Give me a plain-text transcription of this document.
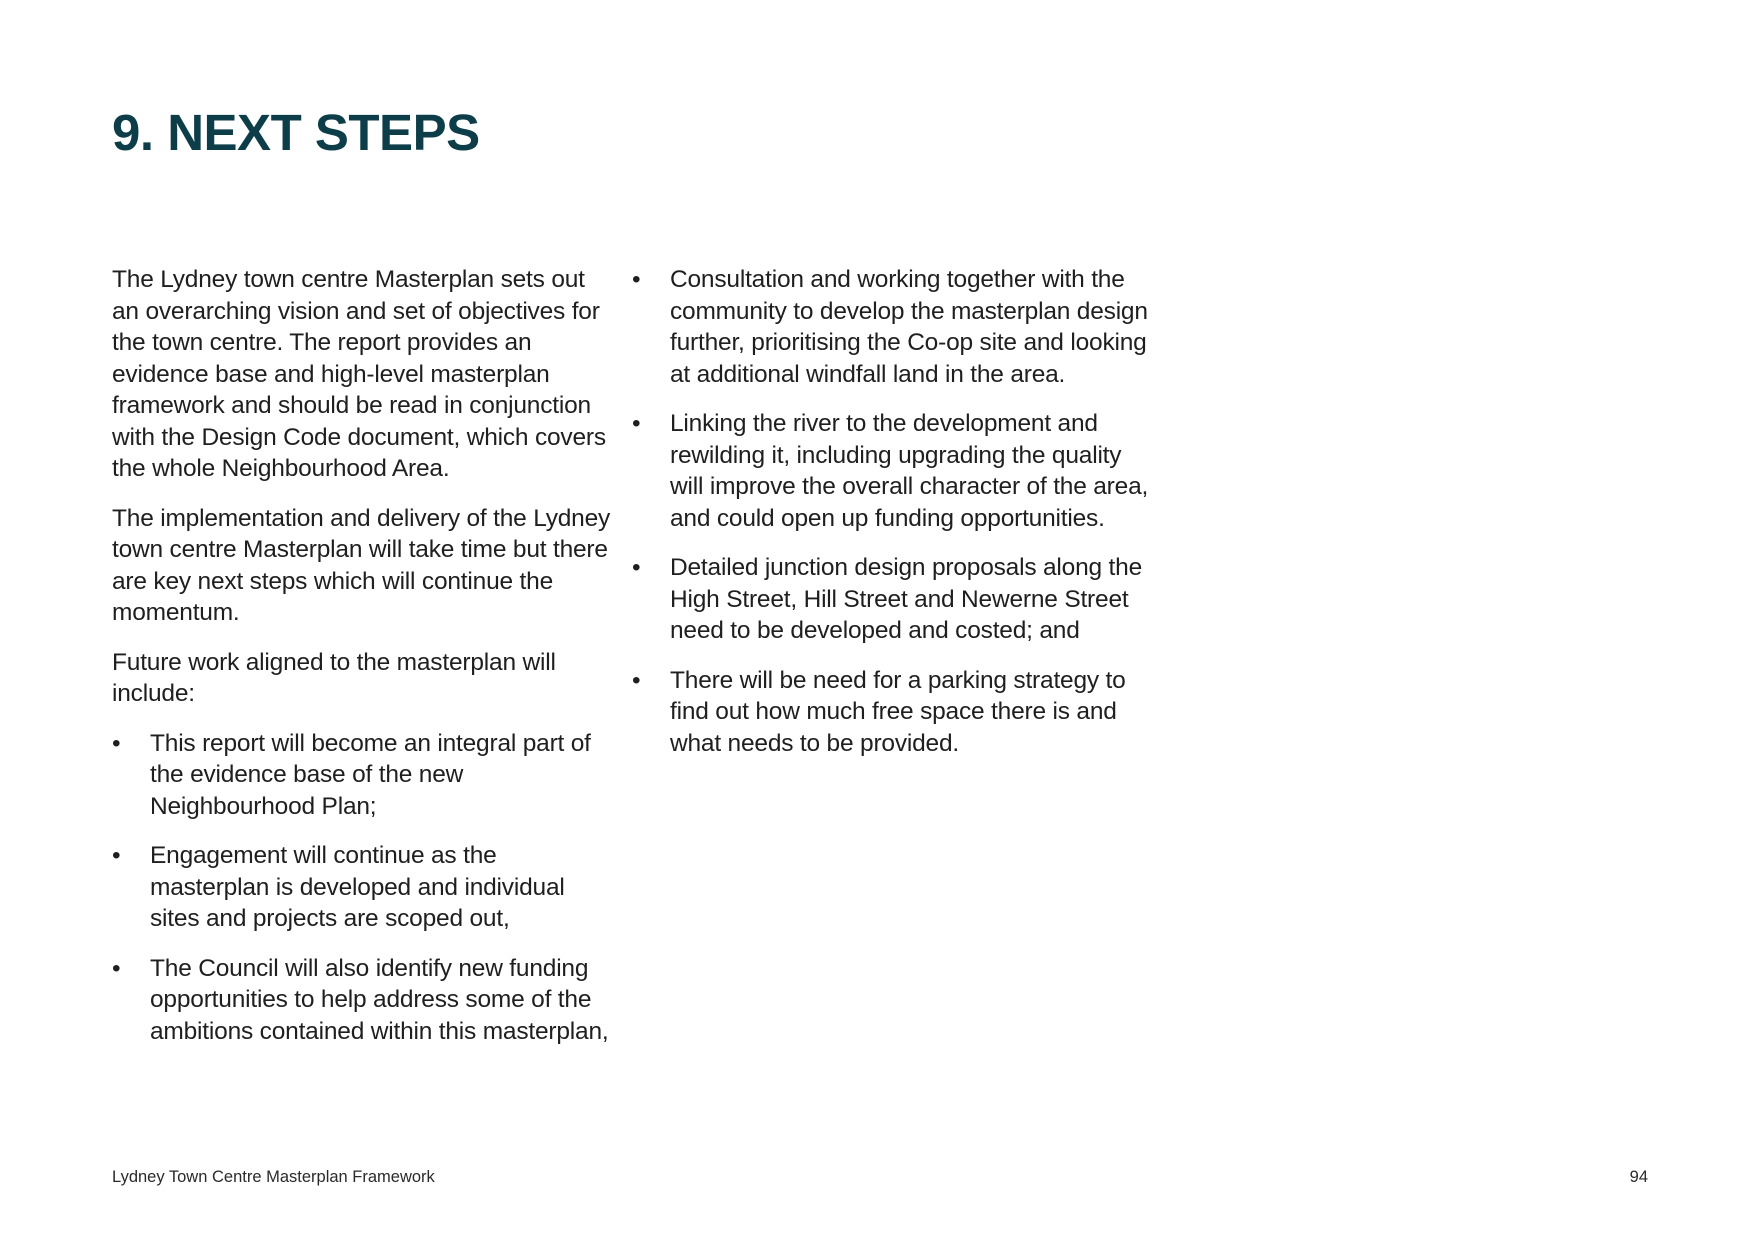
9. NEXT STEPS

The Lydney town centre Masterplan sets out an overarching vision and set of objectives for the town centre. The report provides an evidence base and high-level masterplan framework and should be read in conjunction with the Design Code document, which covers the whole Neighbourhood Area.

The implementation and delivery of the Lydney town centre Masterplan will take time but there are key next steps which will continue the momentum.

Future work aligned to the masterplan will include:

• This report will become an integral part of the evidence base of the new Neighbourhood Plan;
• Engagement will continue as the masterplan is developed and individual sites and projects are scoped out,
• The Council will also identify new funding opportunities to help address some of the ambitions contained within this masterplan,
• Consultation and working together with the community to develop the masterplan design further, prioritising the Co-op site and looking at additional windfall land in the area.
• Linking the river to the development and rewilding it, including upgrading the quality will improve the overall character of the area, and could open up funding opportunities.
• Detailed junction design proposals along the High Street, Hill Street and Newerne Street need to be developed and costed; and
• There will be need for a parking strategy to find out how much free space there is and what needs to be provided.
Lydney Town Centre Masterplan Framework	94
